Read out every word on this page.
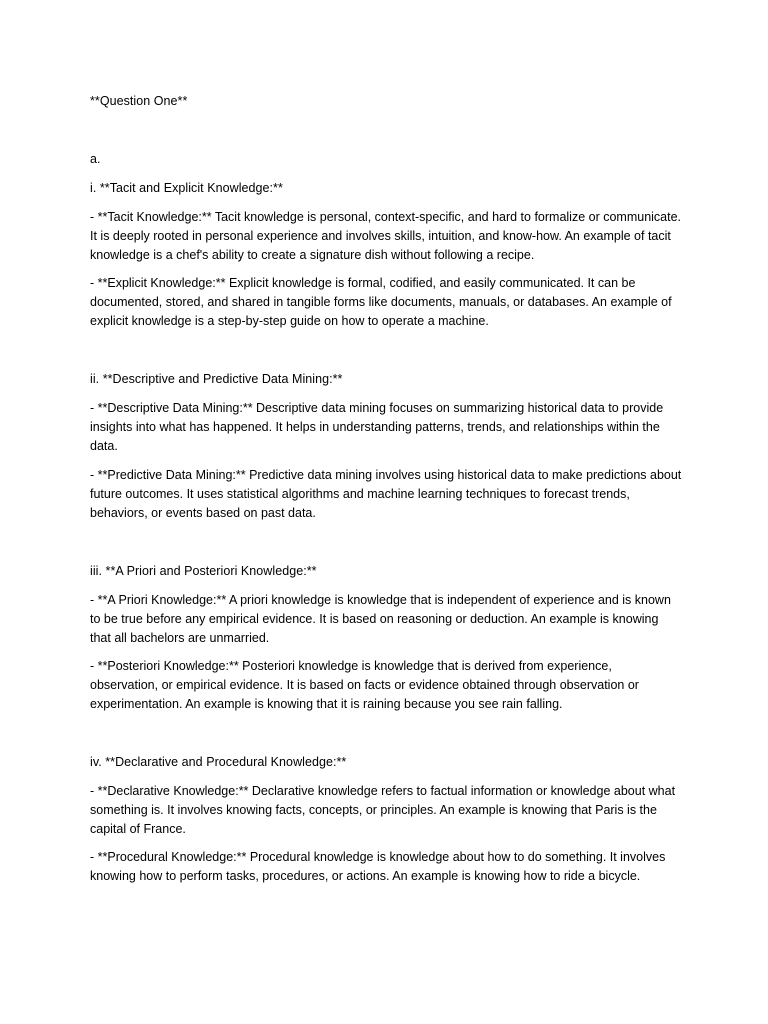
**Question One**
a.
i. **Tacit and Explicit Knowledge:**
- **Tacit Knowledge:** Tacit knowledge is personal, context-specific, and hard to formalize or communicate. It is deeply rooted in personal experience and involves skills, intuition, and know-how. An example of tacit knowledge is a chef's ability to create a signature dish without following a recipe.
- **Explicit Knowledge:** Explicit knowledge is formal, codified, and easily communicated. It can be documented, stored, and shared in tangible forms like documents, manuals, or databases. An example of explicit knowledge is a step-by-step guide on how to operate a machine.
ii. **Descriptive and Predictive Data Mining:**
- **Descriptive Data Mining:** Descriptive data mining focuses on summarizing historical data to provide insights into what has happened. It helps in understanding patterns, trends, and relationships within the data.
- **Predictive Data Mining:** Predictive data mining involves using historical data to make predictions about future outcomes. It uses statistical algorithms and machine learning techniques to forecast trends, behaviors, or events based on past data.
iii. **A Priori and Posteriori Knowledge:**
- **A Priori Knowledge:** A priori knowledge is knowledge that is independent of experience and is known to be true before any empirical evidence. It is based on reasoning or deduction. An example is knowing that all bachelors are unmarried.
- **Posteriori Knowledge:** Posteriori knowledge is knowledge that is derived from experience, observation, or empirical evidence. It is based on facts or evidence obtained through observation or experimentation. An example is knowing that it is raining because you see rain falling.
iv. **Declarative and Procedural Knowledge:**
- **Declarative Knowledge:** Declarative knowledge refers to factual information or knowledge about what something is. It involves knowing facts, concepts, or principles. An example is knowing that Paris is the capital of France.
- **Procedural Knowledge:** Procedural knowledge is knowledge about how to do something. It involves knowing how to perform tasks, procedures, or actions. An example is knowing how to ride a bicycle.
